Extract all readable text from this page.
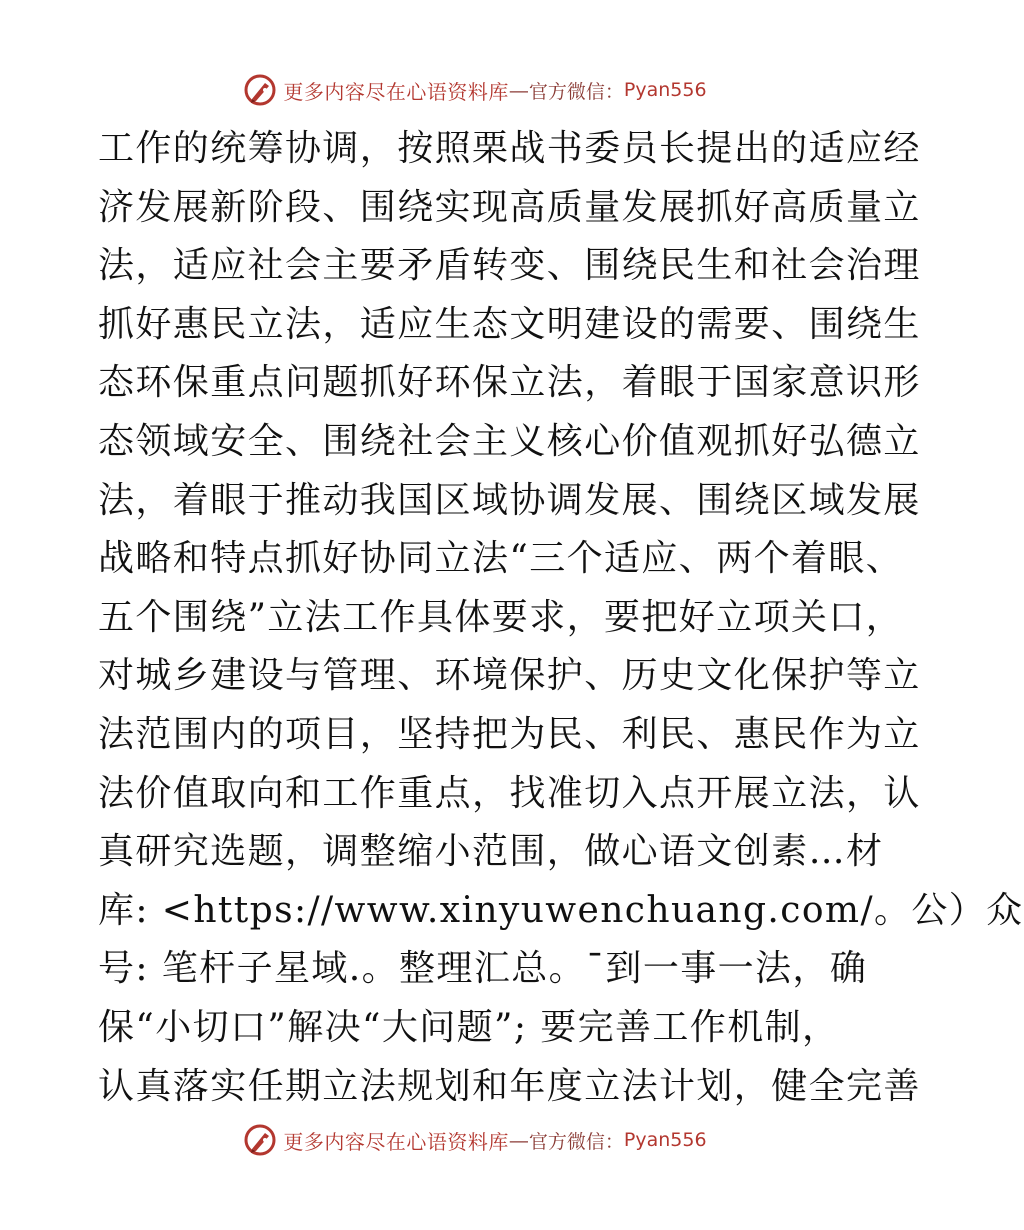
更多内容尽在心语资料库 — 官方微信： Pyan556
工作的统筹协调，按照栗战书委员长提出的适应经
济发展新阶段、围绕实现高质量发展抓好高质量立
法，适应社会主要矛盾转变、围绕民生和社会治理
抓好惠民立法，适应生态文明建设的需要、围绕生
态环保重点问题抓好环保立法，着眼于国家意识形
态领域安全、围绕社会主义核心价值观抓好弘德立
法，着眼于推动我国区域协调发展、围绕区域发展
战略和特点抓好协同立法“三个适应、两个着眼、
五个围绕”立法工作具体要求，要把好立项关口，
对城乡建设与管理、环境保护、历史文化保护等立
法范围内的项目，坚持把为民、利民、惠民作为立
法价值取向和工作重点，找准切入点开展立法，认
真研究选题，调整缩小范围，做心语文创素…材
库: <https://www.xinyuwenchuang.com/。公）众
号: 笔杆子星域.。整理汇总。¯到一事一法，确
保“小切口”解决“大问题”; 要完善工作机制，
认真落实任期立法规划和年度立法计划，健全完善
更多内容尽在心语资料库 — 官方微信： Pyan556
